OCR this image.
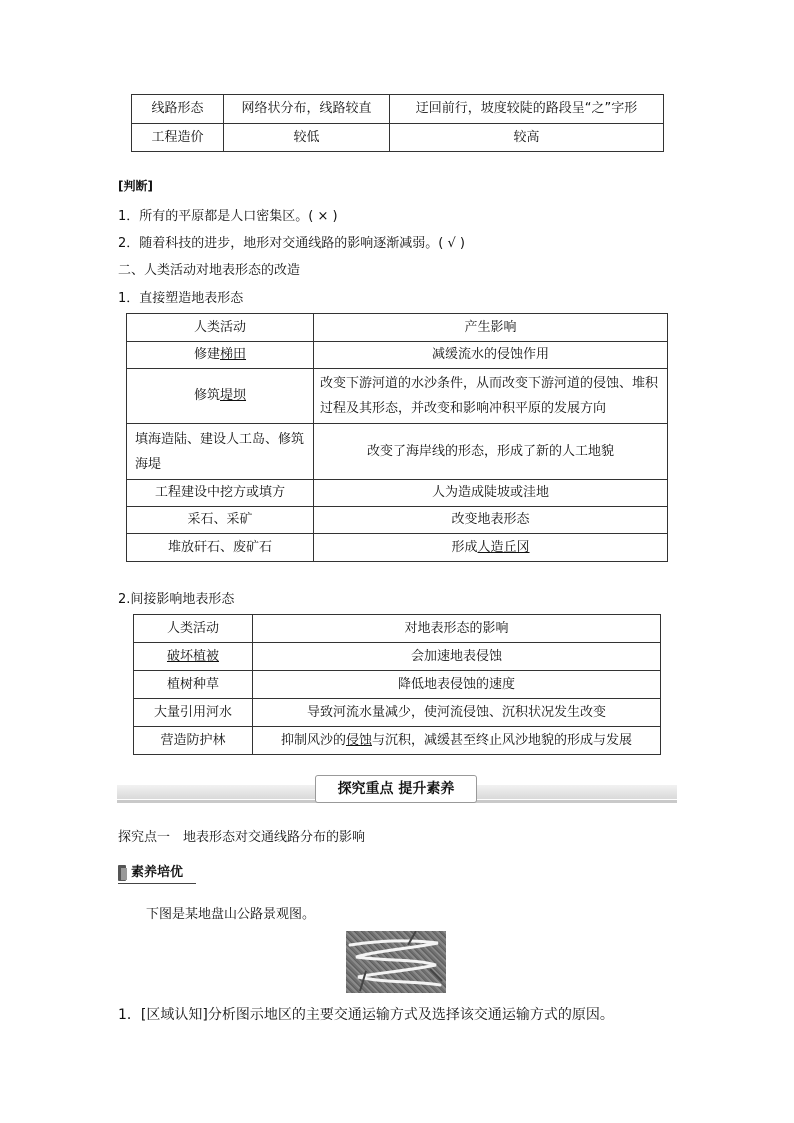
线路形态	网络状分布，线路较直	迂回前行，坡度较陡的路段呈“之”字形
工程造价	较低	较高
[判断]
1．所有的平原都是人口密集区。( × )
2．随着科技的进步，地形对交通线路的影响逐渐减弱。( √ )
二、人类活动对地表形态的改造
1．直接塑造地表形态
人类活动	产生影响
修建梯田	减缓流水的侵蚀作用
修筑堤坝	改变下游河道的水沙条件，从而改变下游河道的侵蚀、堆积过程及其形态，并改变和影响冲积平原的发展方向
填海造陆、建设人工岛、修筑海堤	改变了海岸线的形态，形成了新的人工地貌
工程建设中挖方或填方	人为造成陡坡或洼地
采石、采矿	改变地表形态
堆放矸石、废矿石	形成人造丘冈
2.间接影响地表形态
人类活动	对地表形态的影响
破坏植被	会加速地表侵蚀
植树种草	降低地表侵蚀的速度
大量引用河水	导致河流水量减少，使河流侵蚀、沉积状况发生改变
营造防护林	抑制风沙的侵蚀与沉积，减缓甚至终止风沙地貌的形成与发展
探究重点 提升素养
探究点一　地表形态对交通线路分布的影响
素养培优
下图是某地盘山公路景观图。
1．[区域认知]分析图示地区的主要交通运输方式及选择该交通运输方式的原因。
